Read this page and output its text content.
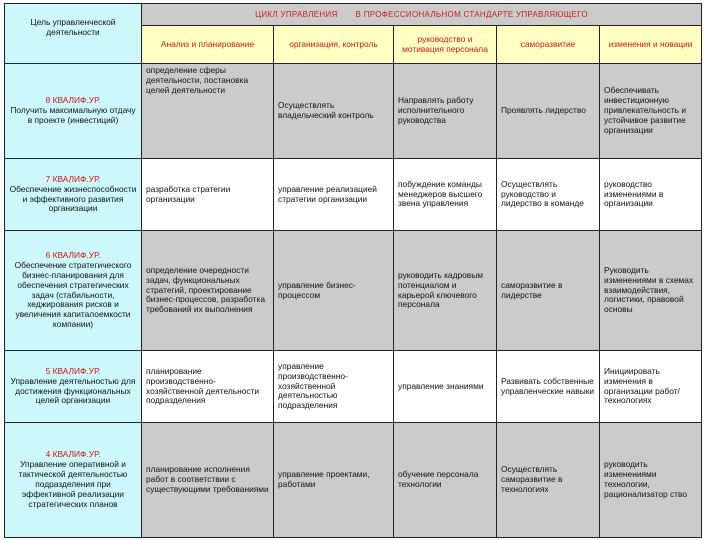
Цель управленческой деятельности	ЦИКЛ УПРАВЛЕНИЯ В ПРОФЕССИОНАЛЬНОМ СТАНДАРТЕ УПРАВЛЯЮЩЕГО				
	Анализ и планирование	организация, контроль	руководство и мотивация персонала	саморазвитие	изменения и новации

8 КВАЛИФ.УР.
Получить максимальную отдачу в проекте (инвестиций)	определение сферы деятельности, постановка целей деятельности	Осуществлять владельческий контроль	Направлять работу исполнительного руководства	Проявлять лидерство	Обеспечивать инвестиционную привлекательность и устойчивое развитие организации

7 КВАЛИФ.УР.
Обеспечение жизнеспособности и эффективного развития организации	разработка стратегии организации	управление реализацией стратегии организации	побуждение команды менеджеров высшего звена управления	Осуществлять руководство и лидерство в команде	руководство изменениями в организации

6 КВАЛИФ.УР.
Обеспечение стратегического бизнес-планирования для обеспечения стратегических задач (стабильности, хеджирования рисков и увеличения капиталоемкости компании)	определение очередности задач, функциональных стратегий, проектирование бизнес-процессов, разработка требований их выполнения	управление бизнес-процессом	руководить кадровым потенциалом и карьерой ключевого персонала	саморазвитие в лидерстве	Руководить изменениями в схемах взаимодействия, логистики, правовой основы

5 КВАЛИФ.УР.
Управление деятельностью для достижения функциональных целей организации	планирование производственно-хозяйственной деятельности подразделения	управление производственно-хозяйственной деятельностью подразделения	управление знаниями	Развивать собственные управленческие навыки	Инициировать изменения в организации работ/технологиях

4 КВАЛИФ.УР.
Управление оперативной и тактической деятельностью подразделения при эффективной реализации стратегических планов	планирование исполнения работ в соответствии с существующими требованиями	управление проектами, работами	обучение персонала технологии	Осуществлять саморазвитие в технологиях	руководить изменениями технологии, рационализатор ство
